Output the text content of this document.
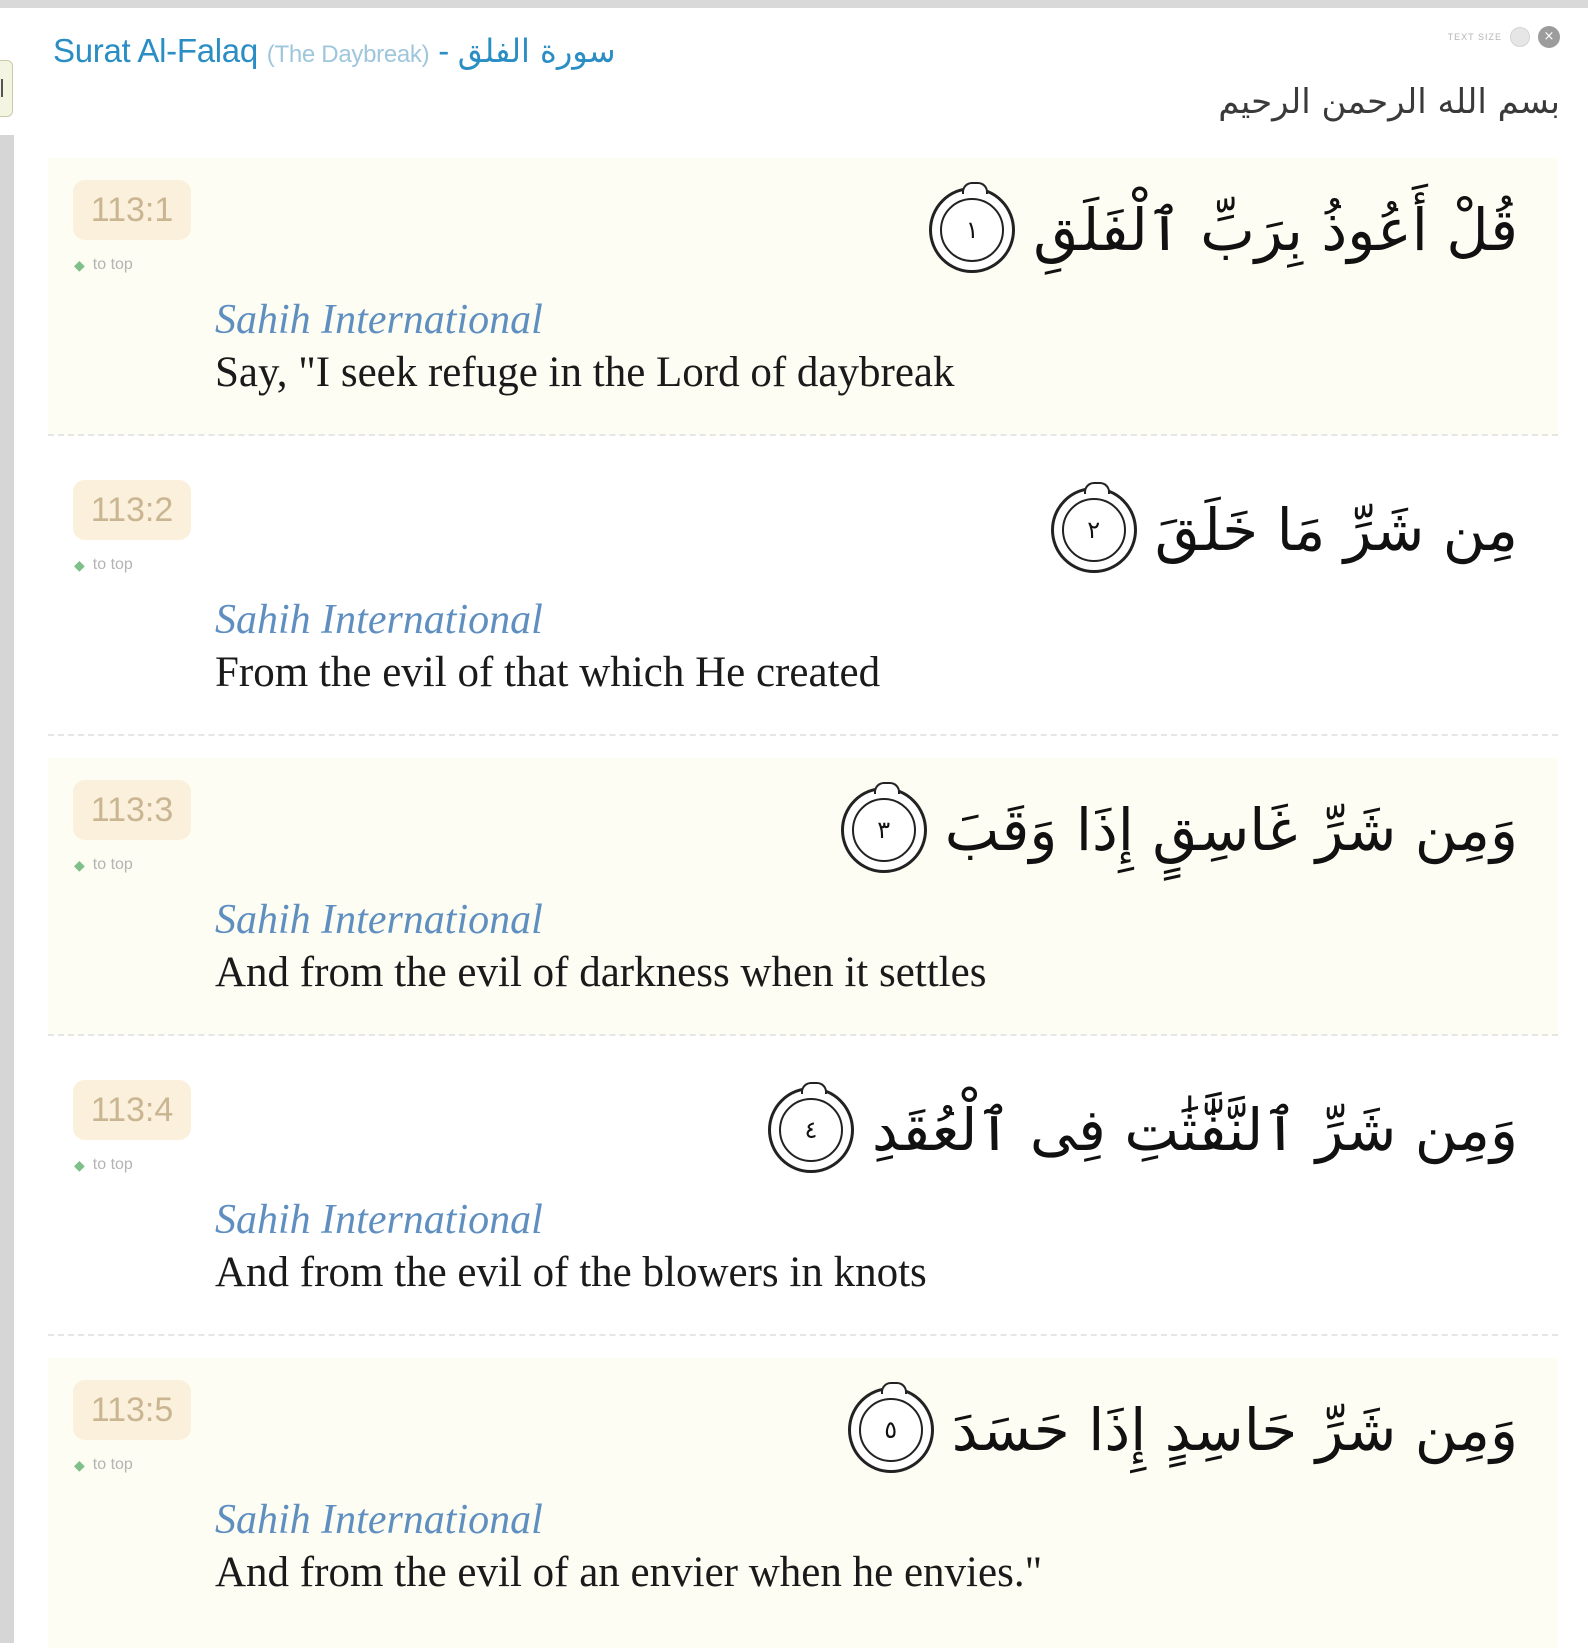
Surat Al-Falaq (The Daybreak) - سورة الفلق	TEXT SIZE	×
بسم الله الرحمن الرحيم
113:1
◆ to top
قُلْ أَعُوذُ بِرَبِّ ٱلْفَلَقِ
١
Sahih International
Say, "I seek refuge in the Lord of daybreak
113:2
◆ to top
مِن شَرِّ مَا خَلَقَ
٢
Sahih International
From the evil of that which He created
113:3
◆ to top
وَمِن شَرِّ غَاسِقٍ إِذَا وَقَبَ
٣
Sahih International
And from the evil of darkness when it settles
113:4
◆ to top
وَمِن شَرِّ ٱلنَّفَّٰثَٰتِ فِى ٱلْعُقَدِ
٤
Sahih International
And from the evil of the blowers in knots
113:5
◆ to top
وَمِن شَرِّ حَاسِدٍ إِذَا حَسَدَ
٥
Sahih International
And from the evil of an envier when he envies."
